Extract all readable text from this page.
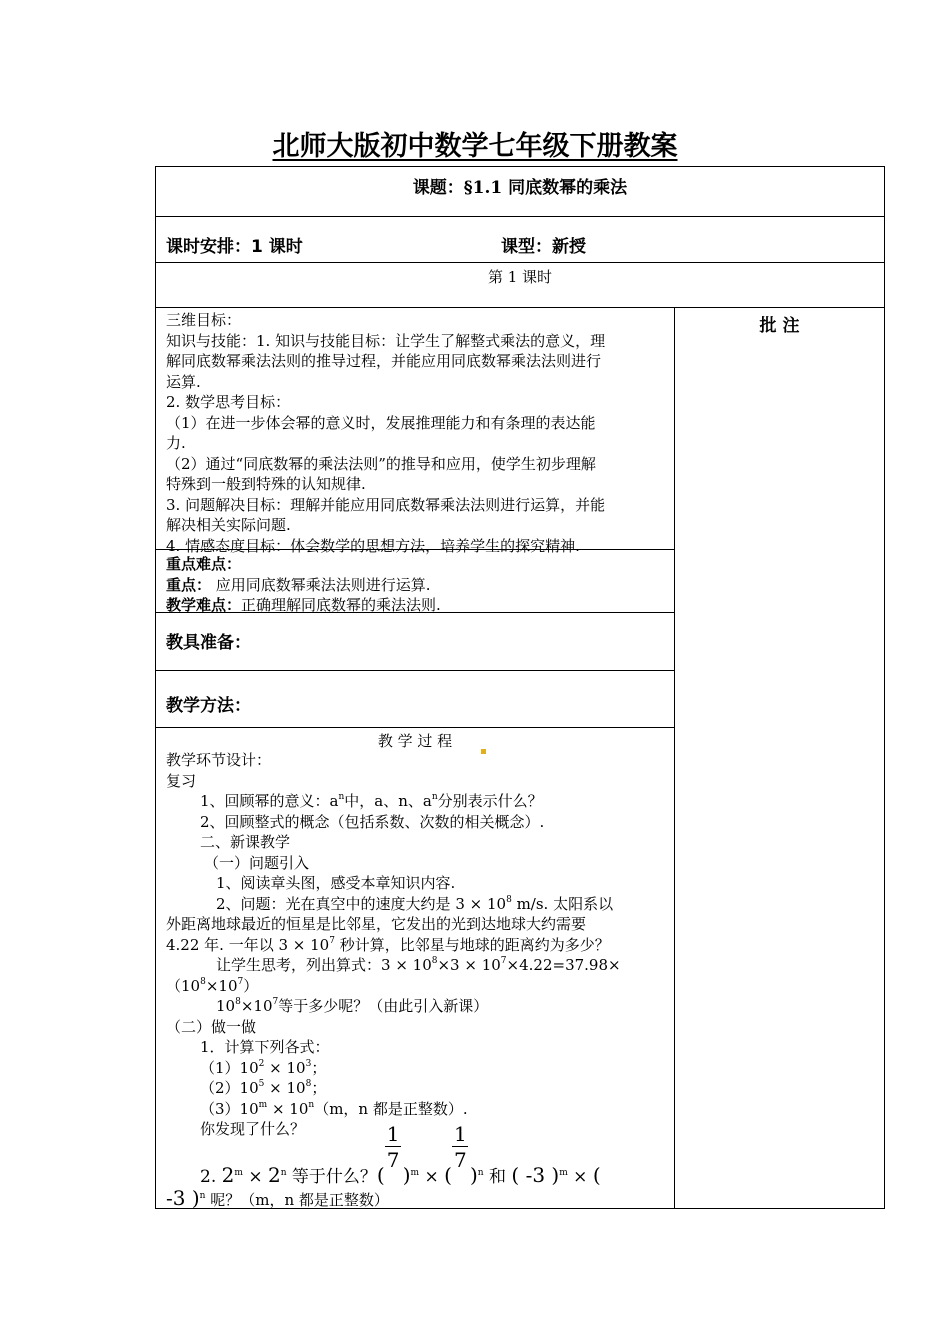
北师大版初中数学七年级下册教案
课题：§1.1 同底数幂的乘法
课时安排：1 课时	课型：新授
第 1 课时
批 注
三维目标：
知识与技能：1. 知识与技能目标：让学生了解整式乘法的意义，理
解同底数幂乘法法则的推导过程，并能应用同底数幂乘法法则进行
运算.
2. 数学思考目标：
（1）在进一步体会幂的意义时，发展推理能力和有条理的表达能
力.
（2）通过“同底数幂的乘法法则”的推导和应用，使学生初步理解
特殊到一般到特殊的认知规律.
3. 问题解决目标：理解并能应用同底数幂乘法法则进行运算，并能
解决相关实际问题.
4. 情感态度目标：体会数学的思想方法，培养学生的探究精神.
重点难点：
重点： 应用同底数幂乘法法则进行运算.
教学难点：正确理解同底数幂的乘法法则.
教具准备：
教学方法：
教 学 过 程
教学环节设计：
复习
1、回顾幂的意义：$a^n$中，a、n、$a^n$分别表示什么？
2、回顾整式的概念（包括系数、次数的相关概念）.
二、新课教学
（一）问题引入
1、阅读章头图，感受本章知识内容.
2、问题：光在真空中的速度大约是 $3 \times 10^8$ m/s. 太阳系以
外距离地球最近的恒星是比邻星，它发出的光到达地球大约需要
4.22 年. 一年以 $3 \times 10^7$ 秒计算，比邻星与地球的距离约为多少？
让学生思考，列出算式：$3 \times 10^8\times 3 \times 10^7\times 4.22=37.98\times$
$(10^8\times 10^7)$
$10^8\times 10^7$等于多少呢？（由此引入新课）
（二）做一做
1．计算下列各式：
$(1)10^2 \times 10^3$；
$(2)10^5 \times 10^8$；
$(3)10^m \times 10^n(m$，n 都是正整数）.
你发现了什么？
2. $2^m \times 2^n$ 等于什么？( $\frac{1}{7} )^m$ × ( $\frac{1}{7} )^n$ 和 ( -3 )$^m$ × (
-3 )$^n$ 呢？（m，n 都是正整数）
